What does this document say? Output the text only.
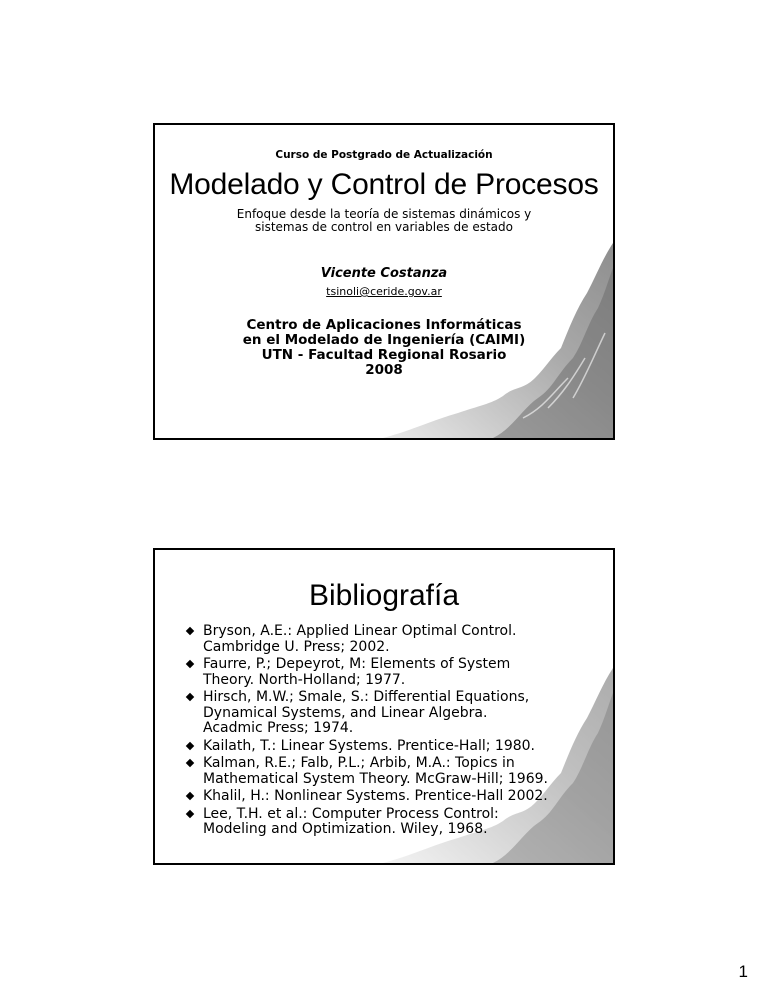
Curso de Postgrado de Actualización
Modelado y Control de Procesos
Enfoque desde la teoría de sistemas dinámicos y
sistemas de control en variables de estado
Vicente Costanza
tsinoli@ceride.gov.ar
Centro de Aplicaciones Informáticas
en el Modelado de Ingeniería (CAIMI)
UTN - Facultad Regional Rosario
2008
Bibliografía
Bryson, A.E.: Applied Linear Optimal Control.
Cambridge U. Press; 2002.
Faurre, P.; Depeyrot, M: Elements of System
Theory. North-Holland; 1977.
Hirsch, M.W.; Smale, S.: Differential Equations,
Dynamical Systems, and Linear Algebra.
Acadmic Press; 1974.
Kailath, T.: Linear Systems. Prentice-Hall; 1980.
Kalman, R.E.; Falb, P.L.; Arbib, M.A.: Topics in
Mathematical System Theory. McGraw-Hill; 1969.
Khalil, H.: Nonlinear Systems. Prentice-Hall 2002.
Lee, T.H. et al.: Computer Process Control:
Modeling and Optimization. Wiley, 1968.
1
